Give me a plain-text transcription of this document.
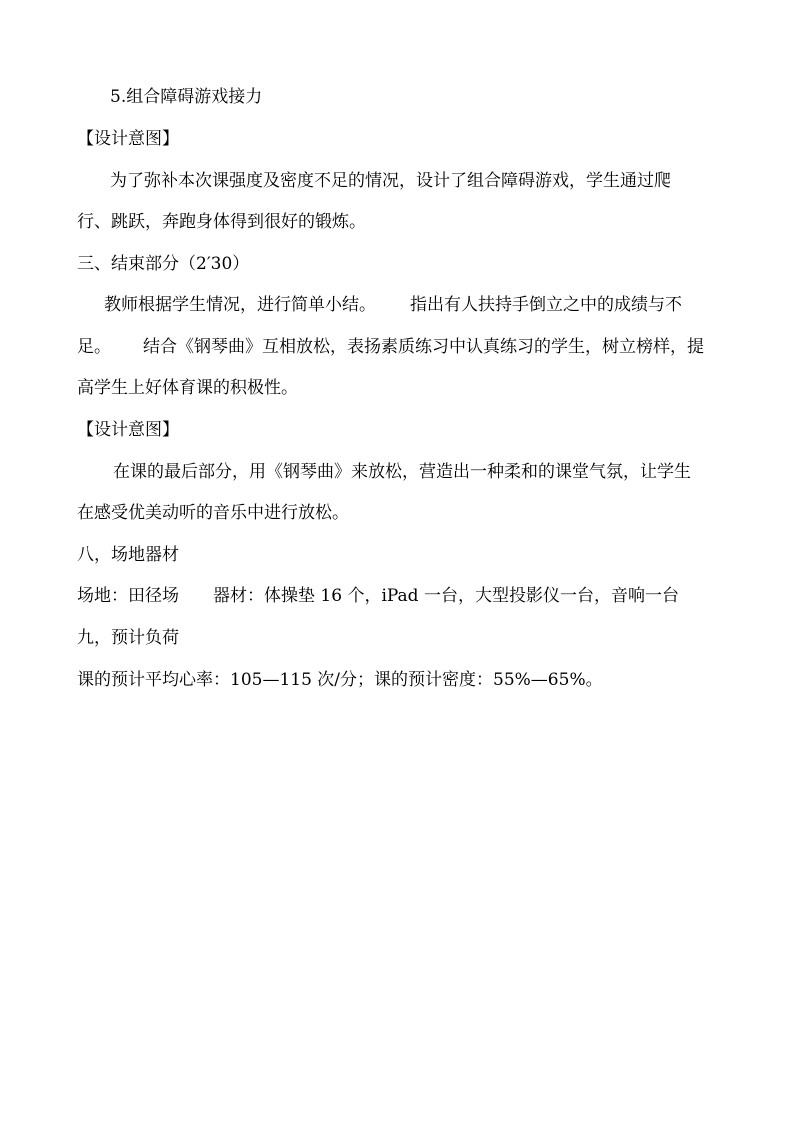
5.组合障碍游戏接力
【设计意图】
为了弥补本次课强度及密度不足的情况，设计了组合障碍游戏，学生通过爬
行、跳跃，奔跑身体得到很好的锻炼。
三、结束部分（2′30）
教师根据学生情况，进行简单小结。 指出有人扶持手倒立之中的成绩与不
足。 结合《钢琴曲》互相放松，表扬素质练习中认真练习的学生，树立榜样，提
高学生上好体育课的积极性。
【设计意图】
在课的最后部分，用《钢琴曲》来放松，营造出一种柔和的课堂气氛，让学生
在感受优美动听的音乐中进行放松。
八，场地器材
场地：田径场 器材：体操垫 16 个，iPad 一台，大型投影仪一台，音响一台
九，预计负荷
课的预计平均心率：105—115 次/分；课的预计密度：55%—65%。
